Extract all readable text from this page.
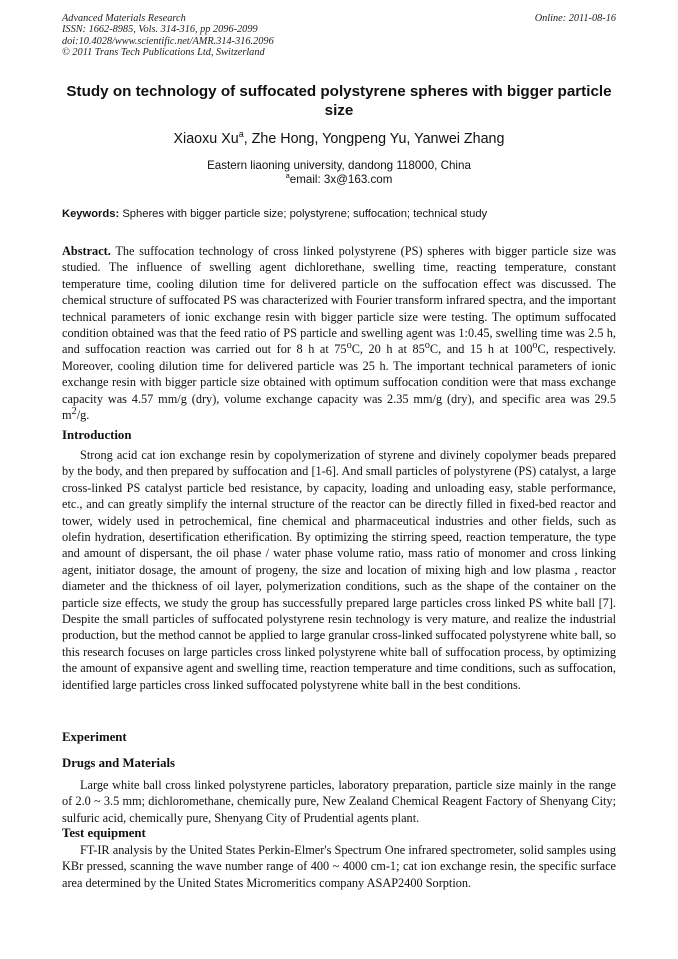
Advanced Materials Research
ISSN: 1662-8985, Vols. 314-316, pp 2096-2099
doi:10.4028/www.scientific.net/AMR.314-316.2096
© 2011 Trans Tech Publications Ltd, Switzerland
Online: 2011-08-16
Study on technology of suffocated polystyrene spheres with bigger particle size
Xiaoxu Xu$^a$, Zhe Hong, Yongpeng Yu, Yanwei Zhang
Eastern liaoning university, dandong 118000, China
$^a$email: 3x@163.com
Keywords: Spheres with bigger particle size; polystyrene; suffocation; technical study

Abstract. The suffocation technology of cross linked polystyrene (PS) spheres with bigger particle size was studied. The influence of swelling agent dichlorethane, swelling time, reacting temperature, constant temperature time, cooling dilution time for delivered particle on the suffocation effect was discussed. The chemical structure of suffocated PS was characterized with Fourier transform infrared spectra, and the important technical parameters of ionic exchange resin with bigger particle size were testing. The optimum suffocated condition obtained was that the feed ratio of PS particle and swelling agent was 1:0.45, swelling time was 2.5 h, and suffocation reaction was carried out for 8 h at 75$^o$C, 20 h at 85$^o$C, and 15 h at 100$^o$C, respectively. Moreover, cooling dilution time for delivered particle was 25 h. The important technical parameters of ionic exchange resin with bigger particle size obtained with optimum suffocation condition were that mass exchange capacity was 4.57 mm/g (dry), volume exchange capacity was 2.35 mm/g (dry), and specific area was 29.5 $m^2/g$.

Introduction

Strong acid cat ion exchange resin by copolymerization of styrene and divinely copolymer beads prepared by the body, and then prepared by suffocation and [1-6]. And small particles of polystyrene (PS) catalyst, a large cross-linked PS catalyst particle bed resistance, by capacity, loading and unloading easy, stable performance, etc., and can greatly simplify the internal structure of the reactor can be directly filled in fixed-bed reactor and tower, widely used in petrochemical, fine chemical and pharmaceutical industries and other fields, such as olefin hydration, desertification etherification. By optimizing the stirring speed, reaction temperature, the type and amount of dispersant, the oil phase / water phase volume ratio, mass ratio of monomer and cross linking agent, initiator dosage, the amount of progeny, the size and location of mixing high and low plasma , reactor diameter and the thickness of oil layer, polymerization conditions, such as the shape of the container on the particle size effects, we study the group has successfully prepared large particles cross linked PS white ball [7]. Despite the small particles of suffocated polystyrene resin technology is very mature, and realize the industrial production, but the method cannot be applied to large granular cross-linked suffocated polystyrene white ball, so this research focuses on large particles cross linked polystyrene white ball of suffocation process, by optimizing the amount of expansive agent and swelling time, reaction temperature and time conditions, such as suffocation, identified large particles cross linked suffocated polystyrene white ball in the best conditions.

Experiment
Drugs and Materials

Large white ball cross linked polystyrene particles, laboratory preparation, particle size mainly in the range of 2.0 ~ 3.5 mm; dichloromethane, chemically pure, New Zealand Chemical Reagent Factory of Shenyang City; sulfuric acid, chemically pure, Shenyang City of Prudential agents plant.

Test equipment

FT-IR analysis by the United States Perkin-Elmer's Spectrum One infrared spectrometer, solid samples using KBr pressed, scanning the wave number range of 400 ~ 4000 cm-1; cat ion exchange resin, the specific surface area determined by the United States Micromeritics company ASAP2400 Sorption.
